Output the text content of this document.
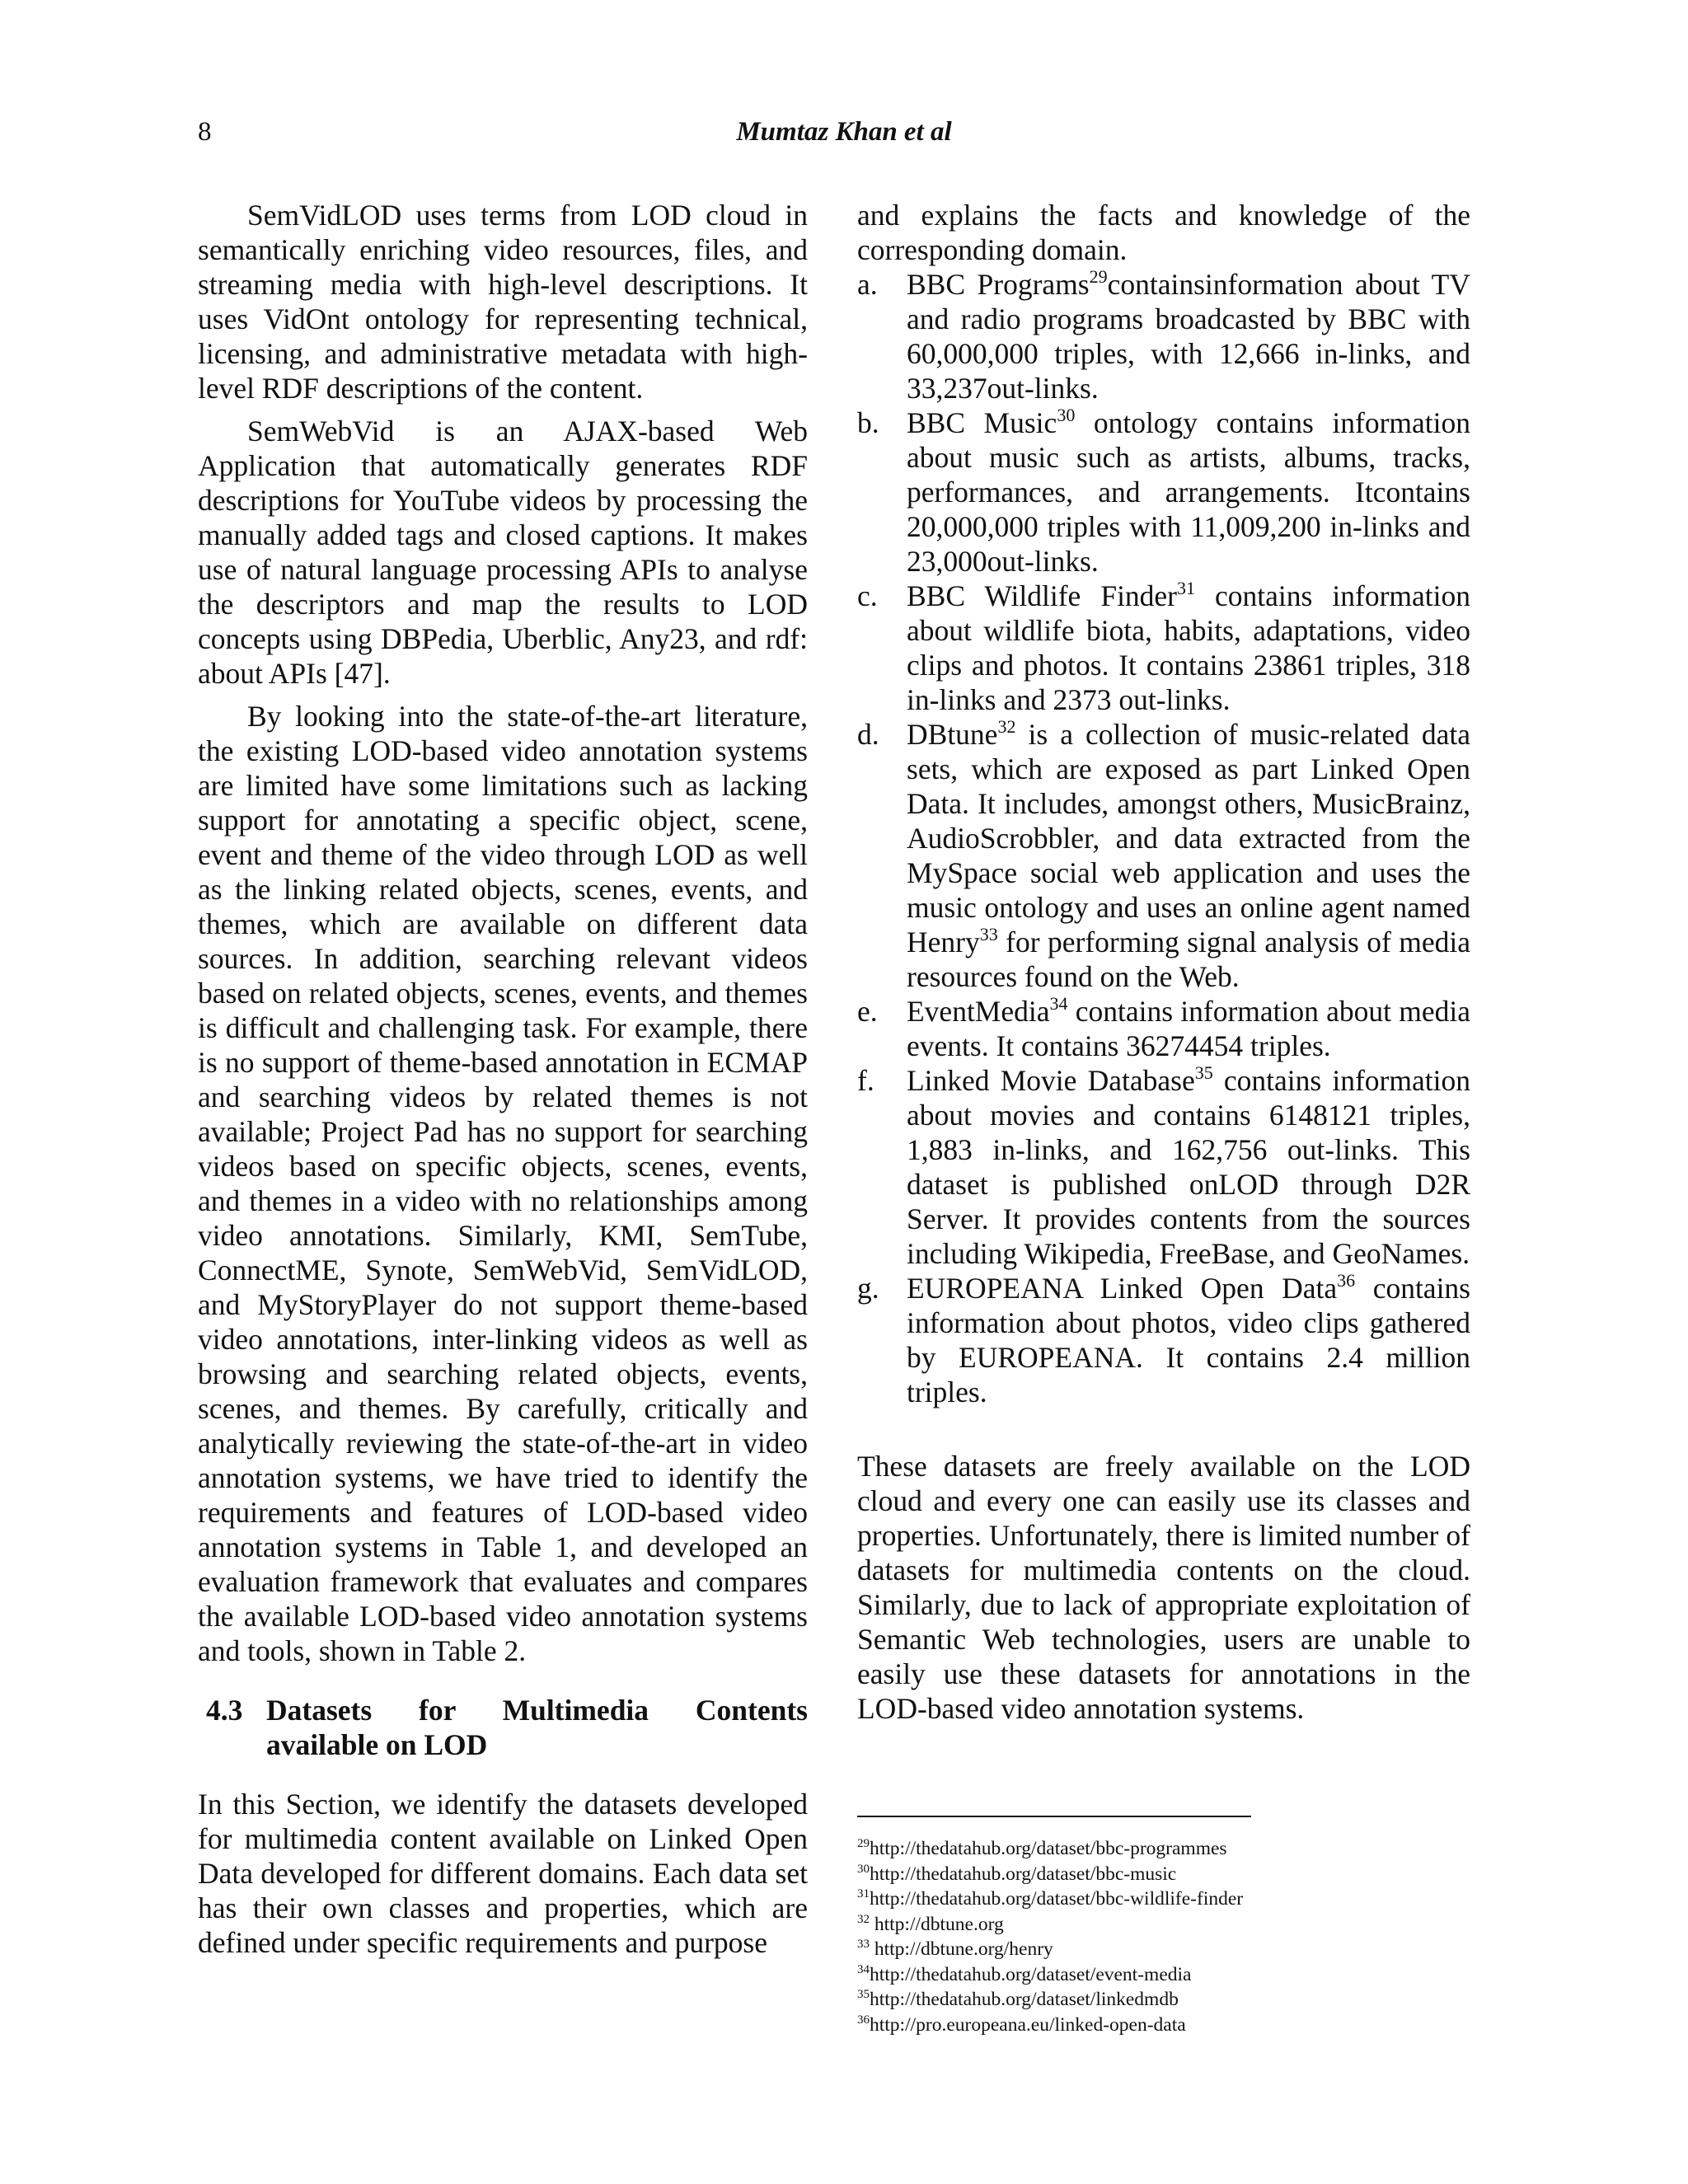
8	Mumtaz Khan et al

SemVidLOD uses terms from LOD cloud in semantically enriching video resources, files, and streaming media with high-level descriptions. It uses VidOnt ontology for representing technical, licensing, and administrative metadata with high-level RDF descriptions of the content.

SemWebVid is an AJAX-based Web Application that automatically generates RDF descriptions for YouTube videos by processing the manually added tags and closed captions. It makes use of natural language processing APIs to analyse the descriptors and map the results to LOD concepts using DBPedia, Uberblic, Any23, and rdf: about APIs [47].

By looking into the state-of-the-art literature, the existing LOD-based video annotation systems are limited have some limitations such as lacking support for annotating a specific object, scene, event and theme of the video through LOD as well as the linking related objects, scenes, events, and themes, which are available on different data sources. In addition, searching relevant videos based on related objects, scenes, events, and themes is difficult and challenging task. For example, there is no support of theme-based annotation in ECMAP and searching videos by related themes is not available; Project Pad has no support for searching videos based on specific objects, scenes, events, and themes in a video with no relationships among video annotations. Similarly, KMI, SemTube, ConnectME, Synote, SemWebVid, SemVidLOD, and MyStoryPlayer do not support theme-based video annotations, inter-linking videos as well as browsing and searching related objects, events, scenes, and themes. By carefully, critically and analytically reviewing the state-of-the-art in video annotation systems, we have tried to identify the requirements and features of LOD-based video annotation systems in Table 1, and developed an evaluation framework that evaluates and compares the available LOD-based video annotation systems and tools, shown in Table 2.

4.3 Datasets for Multimedia Contents available on LOD

In this Section, we identify the datasets developed for multimedia content available on Linked Open Data developed for different domains. Each data set has their own classes and properties, which are defined under specific requirements and purpose

and explains the facts and knowledge of the corresponding domain.

a. BBC Programs$^{29}$containsinformation about TV and radio programs broadcasted by BBC with 60,000,000 triples, with 12,666 in-links, and 33,237out-links.
b. BBC Music$^{30}$ ontology contains information about music such as artists, albums, tracks, performances, and arrangements. Itcontains 20,000,000 triples with 11,009,200 in-links and 23,000out-links.
c. BBC Wildlife Finder$^{31}$ contains information about wildlife biota, habits, adaptations, video clips and photos. It contains 23861 triples, 318 in-links and 2373 out-links.
d. DBtune$^{32}$ is a collection of music-related data sets, which are exposed as part Linked Open Data. It includes, amongst others, MusicBrainz, AudioScrobbler, and data extracted from the MySpace social web application and uses the music ontology and uses an online agent named Henry$^{33}$ for performing signal analysis of media resources found on the Web.
e. EventMedia$^{34}$ contains information about media events. It contains 36274454 triples.
f.	Linked Movie Database$^{35}$ contains information about movies and contains 6148121 triples, 1,883 in-links, and 162,756 out-links. This dataset is published onLOD through D2R Server. It provides contents from the sources including Wikipedia, FreeBase, and GeoNames.
g. EUROPEANA Linked Open Data$^{36}$ contains information about photos, video clips gathered by EUROPEANA. It contains 2.4 million triples.

These datasets are freely available on the LOD cloud and every one can easily use its classes and properties. Unfortunately, there is limited number of datasets for multimedia contents on the cloud. Similarly, due to lack of appropriate exploitation of Semantic Web technologies, users are unable to easily use these datasets for annotations in the LOD-based video annotation systems.

$^{29}$http://thedatahub.org/dataset/bbc-programmes
$^{30}$http://thedatahub.org/dataset/bbc-music
$^{31}$http://thedatahub.org/dataset/bbc-wildlife-finder
$^{32}$ http://dbtune.org
$^{33}$ http://dbtune.org/henry
$^{34}$http://thedatahub.org/dataset/event-media
$^{35}$http://thedatahub.org/dataset/linkedmdb
$^{36}$http://pro.europeana.eu/linked-open-data
